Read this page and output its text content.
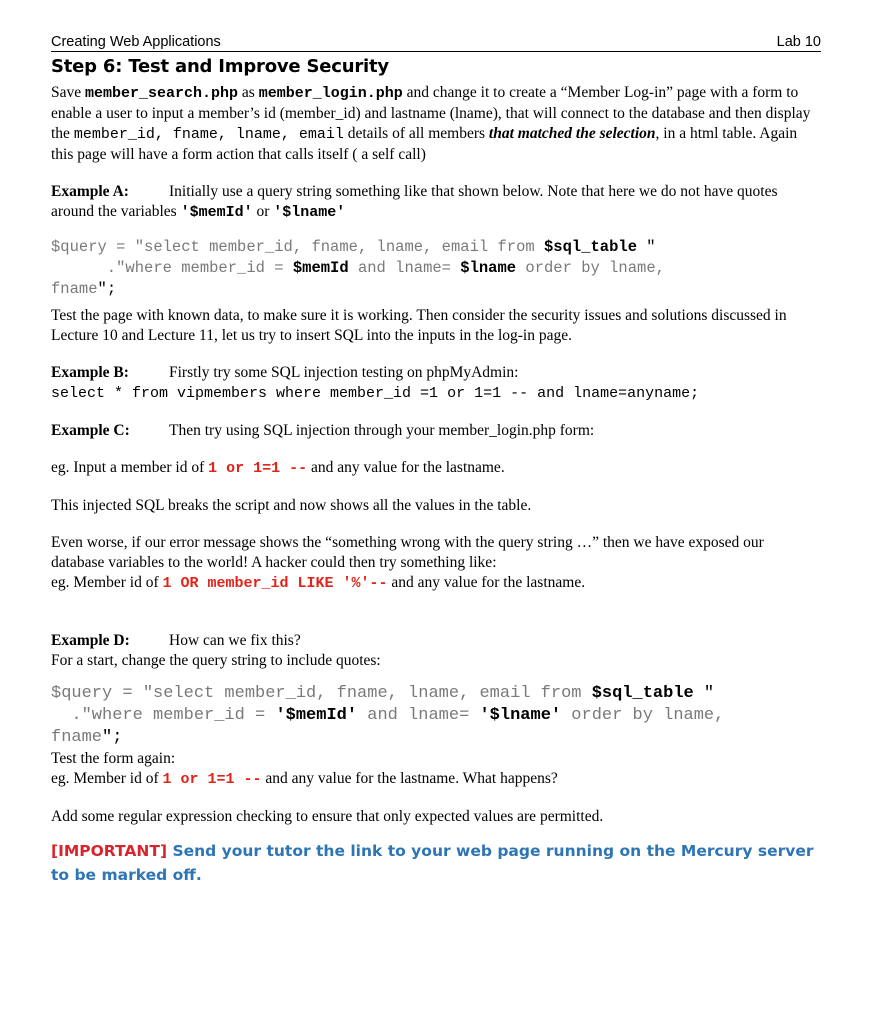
Creating Web Applications	Lab 10
Step 6: Test and Improve Security

Save member_search.php as member_login.php and change it to create a “Member Log-in” page with a form to enable a user to input a member’s id (member_id) and lastname (lname), that will connect to the database and then display the member_id, fname, lname, email details of all members that matched the selection, in a html table. Again this page will have a form action that calls itself ( a self call)

Example A:	Initially use a query string something like that shown below. Note that here we do not have quotes around the variables '$memId' or '$lname'

$query = "select member_id, fname, lname, email from $sql_table "
."where member_id = $memId and lname= $lname order by lname,
fname";

Test the page with known data, to make sure it is working. Then consider the security issues and solutions discussed in Lecture 10 and Lecture 11, let us try to insert SQL into the inputs in the log-in page.

Example B:	Firstly try some SQL injection testing on phpMyAdmin:

select * from vipmembers where member_id =1 or 1=1 -- and lname=anyname;

Example C:	Then try using SQL injection through your member_login.php form:

eg. Input a member id of 1 or 1=1 -- and any value for the lastname.

This injected SQL breaks the script and now shows all the values in the table.

Even worse, if our error message shows the “something wrong with the query string …” then we have exposed our database variables to the world! A hacker could then try something like:

eg. Member id of 1 OR member_id LIKE '%'-- and any value for the lastname.

Example D:	How can we fix this?

For a start, change the query string to include quotes:

$query = "select member_id, fname, lname, email from $sql_table "
."where member_id = '$memId' and lname= '$lname' order by lname,
fname";

Test the form again:

eg. Member id of 1 or 1=1 -- and any value for the lastname. What happens?

Add some regular expression checking to ensure that only expected values are permitted.

[IMPORTANT] Send your tutor the link to your web page running on the Mercury server to be marked off.
